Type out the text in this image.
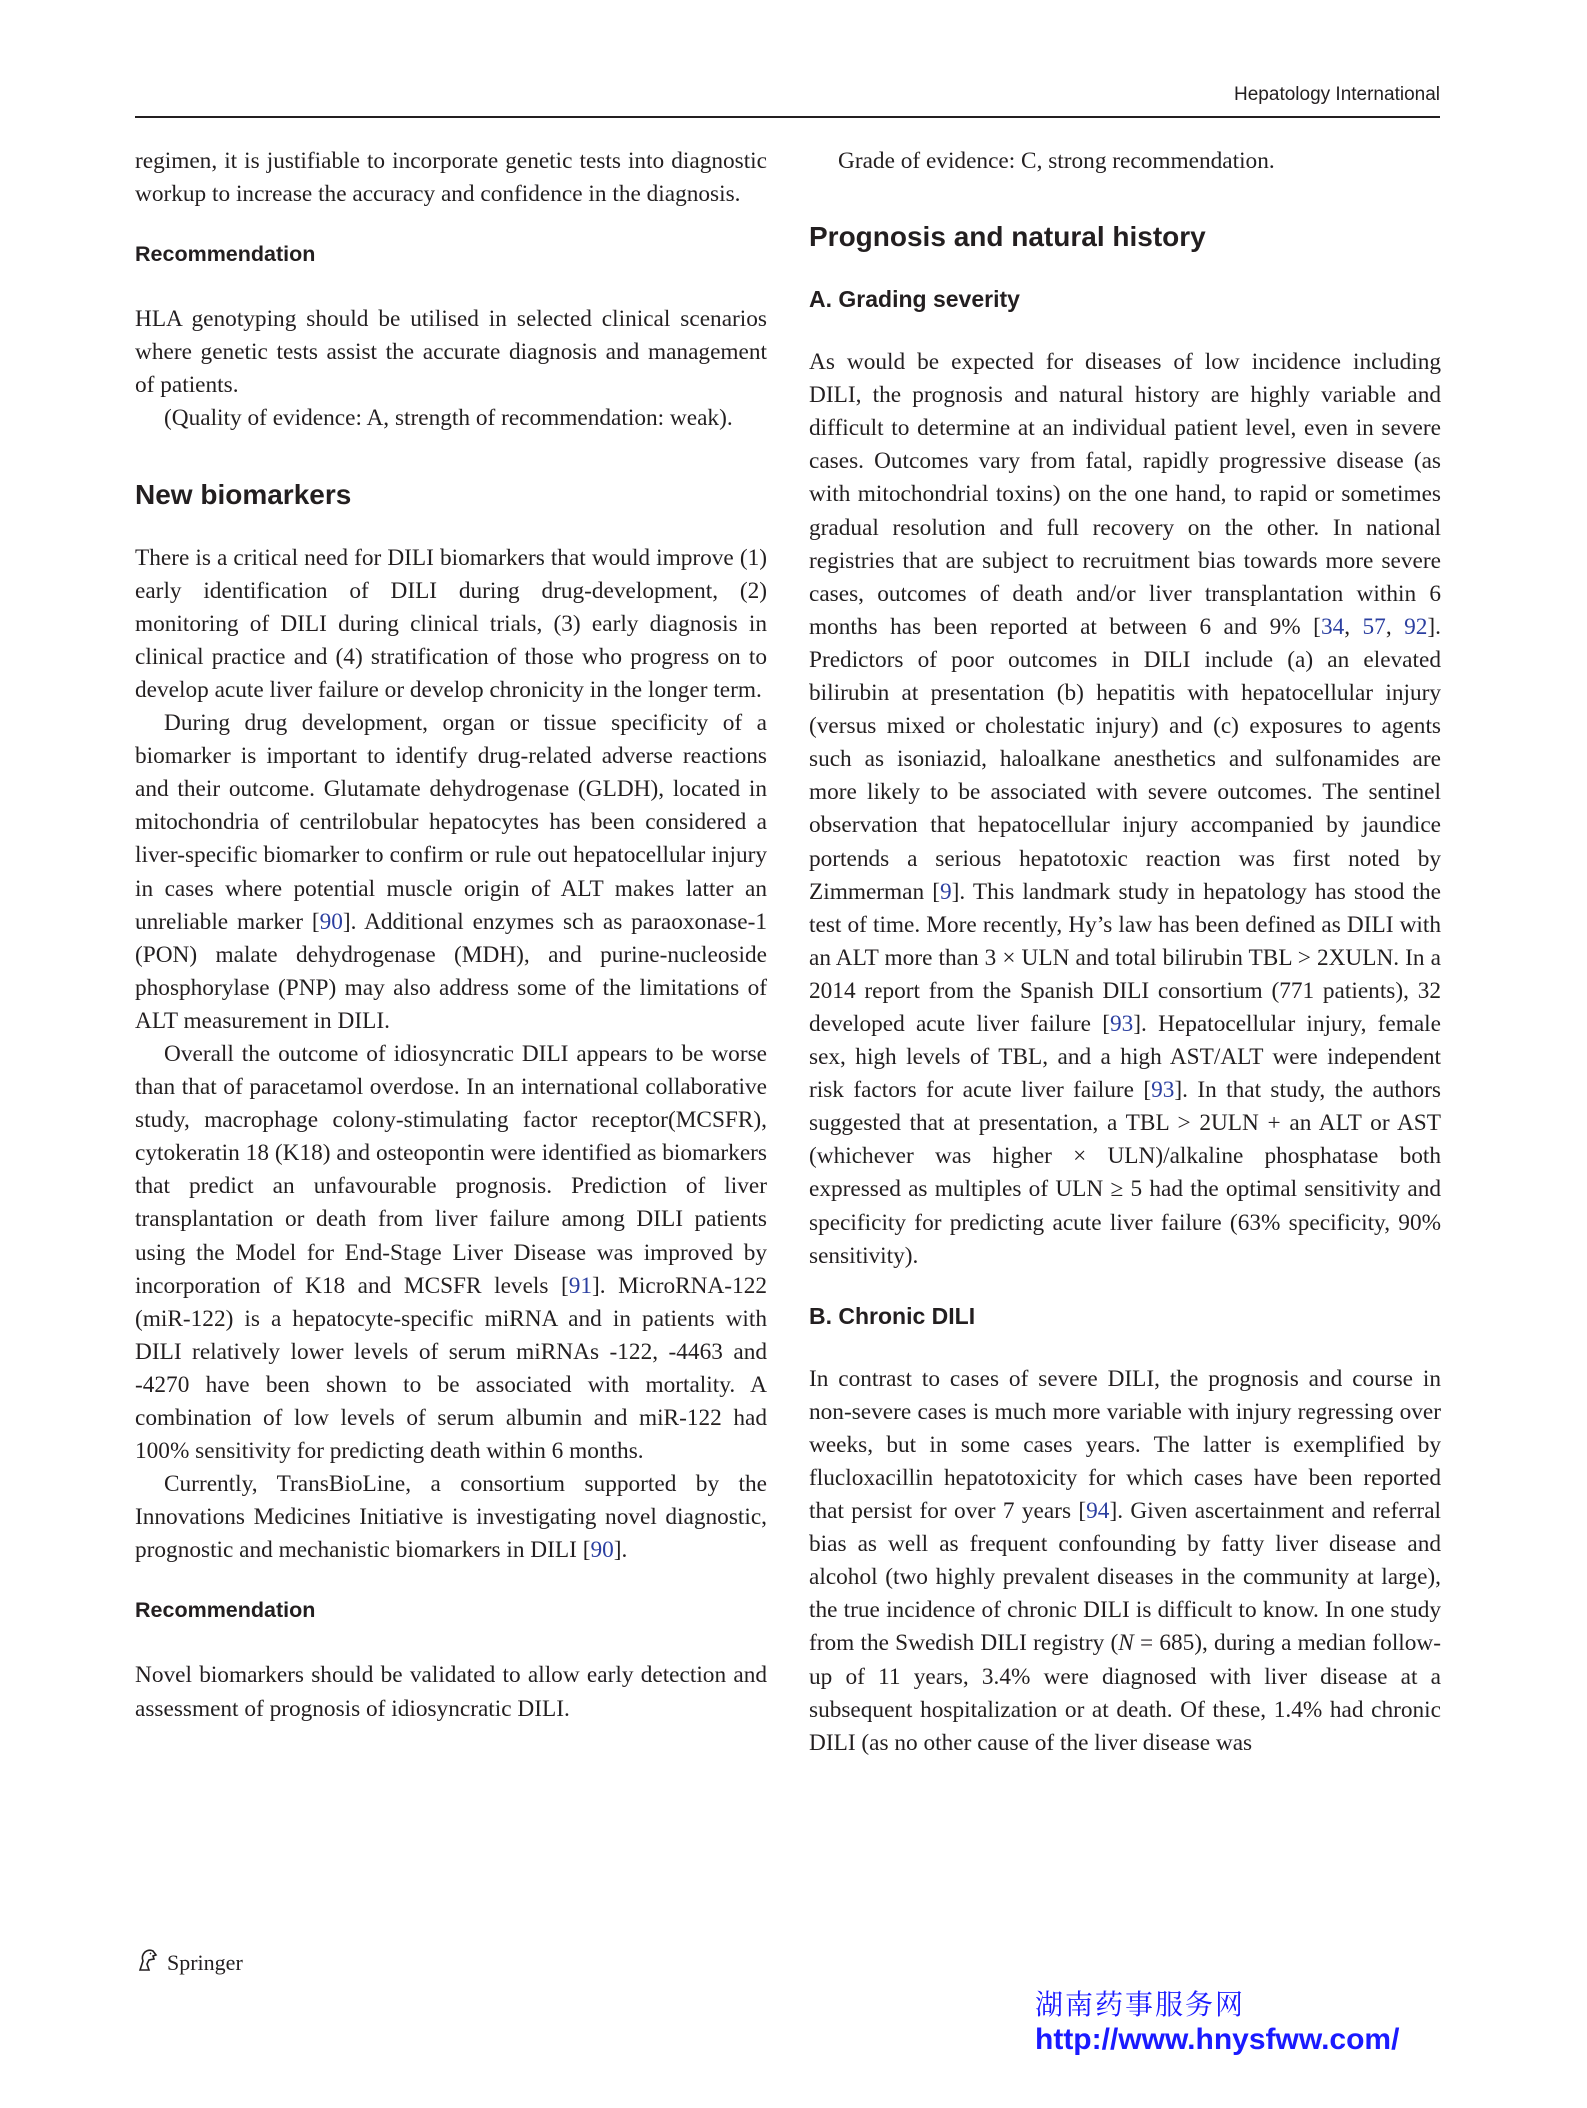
Hepatology International

regimen, it is justifiable to incorporate genetic tests into diagnostic workup to increase the accuracy and confidence in the diagnosis.

Recommendation

HLA genotyping should be utilised in selected clinical scenarios where genetic tests assist the accurate diagnosis and management of patients.

(Quality of evidence: A, strength of recommendation: weak).

New biomarkers

There is a critical need for DILI biomarkers that would improve (1) early identification of DILI during drug-development, (2) monitoring of DILI during clinical trials, (3) early diagnosis in clinical practice and (4) stratification of those who progress on to develop acute liver failure or develop chronicity in the longer term.

During drug development, organ or tissue specificity of a biomarker is important to identify drug-related adverse reactions and their outcome. Glutamate dehydrogenase (GLDH), located in mitochondria of centrilobular hepatocytes has been considered a liver-specific biomarker to confirm or rule out hepatocellular injury in cases where potential muscle origin of ALT makes latter an unreliable marker [90]. Additional enzymes sch as paraoxonase-1 (PON) malate dehydrogenase (MDH), and purine-nucleoside phosphorylase (PNP) may also address some of the limitations of ALT measurement in DILI.

Overall the outcome of idiosyncratic DILI appears to be worse than that of paracetamol overdose. In an international collaborative study, macrophage colony-stimulating factor receptor(MCSFR), cytokeratin 18 (K18) and osteopontin were identified as biomarkers that predict an unfavourable prognosis. Prediction of liver transplantation or death from liver failure among DILI patients using the Model for End-Stage Liver Disease was improved by incorporation of K18 and MCSFR levels [91]. MicroRNA-122 (miR-122) is a hepatocyte-specific miRNA and in patients with DILI relatively lower levels of serum miRNAs -122, -4463 and -4270 have been shown to be associated with mortality. A combination of low levels of serum albumin and miR-122 had 100% sensitivity for predicting death within 6 months.

Currently, TransBioLine, a consortium supported by the Innovations Medicines Initiative is investigating novel diagnostic, prognostic and mechanistic biomarkers in DILI [90].

Recommendation

Novel biomarkers should be validated to allow early detection and assessment of prognosis of idiosyncratic DILI.

Grade of evidence: C, strong recommendation.

Prognosis and natural history
A. Grading severity

As would be expected for diseases of low incidence including DILI, the prognosis and natural history are highly variable and difficult to determine at an individual patient level, even in severe cases. Outcomes vary from fatal, rapidly progressive disease (as with mitochondrial toxins) on the one hand, to rapid or sometimes gradual resolution and full recovery on the other. In national registries that are subject to recruitment bias towards more severe cases, outcomes of death and/or liver transplantation within 6 months has been reported at between 6 and 9% [34, 57, 92]. Predictors of poor outcomes in DILI include (a) an elevated bilirubin at presentation (b) hepatitis with hepatocellular injury (versus mixed or cholestatic injury) and (c) exposures to agents such as isoniazid, haloalkane anesthetics and sulfonamides are more likely to be associated with severe outcomes. The sentinel observation that hepatocellular injury accompanied by jaundice portends a serious hepatotoxic reaction was first noted by Zimmerman [9]. This landmark study in hepatology has stood the test of time. More recently, Hy’s law has been defined as DILI with an ALT more than 3 × ULN and total bilirubin TBL > 2XULN. In a 2014 report from the Spanish DILI consortium (771 patients), 32 developed acute liver failure [93]. Hepatocellular injury, female sex, high levels of TBL, and a high AST/ALT were independent risk factors for acute liver failure [93]. In that study, the authors suggested that at presentation, a TBL > 2ULN + an ALT or AST (whichever was higher × ULN)/alkaline phosphatase both expressed as multiples of ULN ≥ 5 had the optimal sensitivity and specificity for predicting acute liver failure (63% specificity, 90% sensitivity).

B. Chronic DILI

In contrast to cases of severe DILI, the prognosis and course in non-severe cases is much more variable with injury regressing over weeks, but in some cases years. The latter is exemplified by flucloxacillin hepatotoxicity for which cases have been reported that persist for over 7 years [94]. Given ascertainment and referral bias as well as frequent confounding by fatty liver disease and alcohol (two highly prevalent diseases in the community at large), the true incidence of chronic DILI is difficult to know. In one study from the Swedish DILI registry (N = 685), during a median follow-up of 11 years, 3.4% were diagnosed with liver disease at a subsequent hospitalization or at death. Of these, 1.4% had chronic DILI (as no other cause of the liver disease was

Springer
湖南药事服务网
http://www.hnysfww.com/
